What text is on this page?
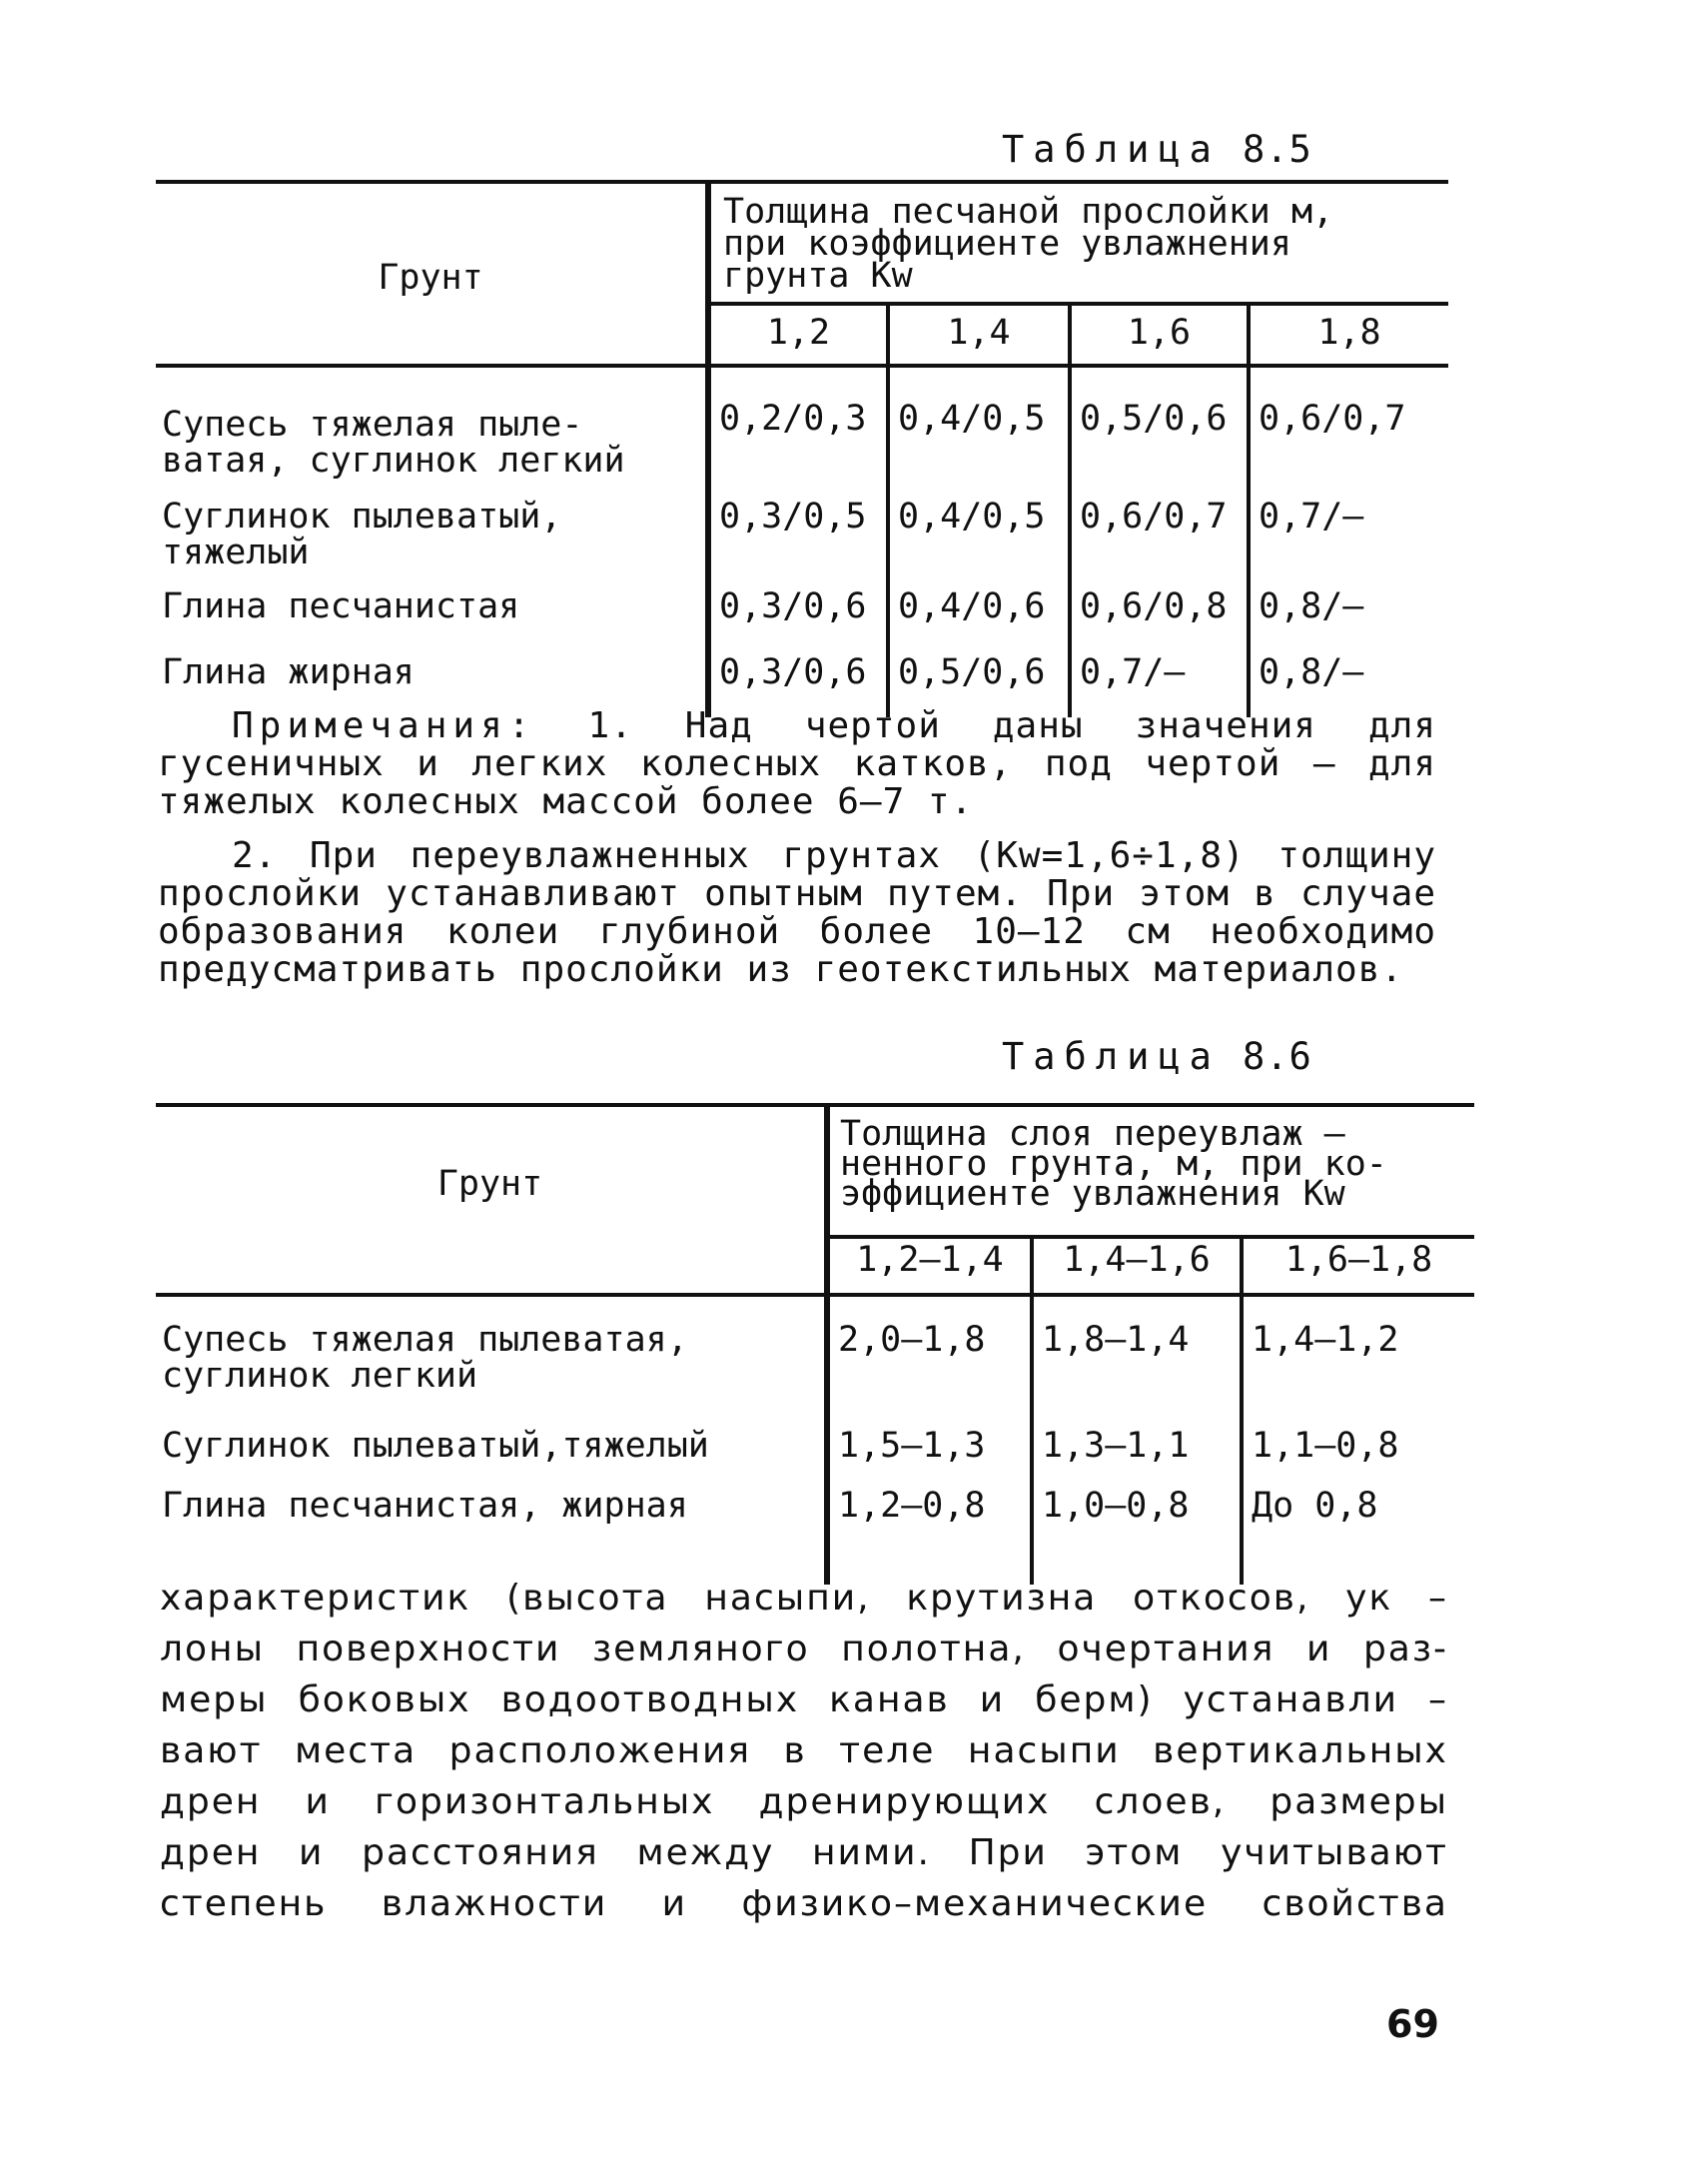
Таблица 8.5
Грунт	Толщина песчаной прослойки м,
при коэффициенте увлажнения
грунта Kw			

	1,2	1,4	1,6	1,8

Супесь тяжелая пыле-
ватая, суглинок легкий	0,2/0,3	0,4/0,5	0,5/0,6	0,6/0,7

Суглинок пылеватый,
тяжелый	0,3/0,5	0,4/0,5	0,6/0,7	0,7/–
Глина песчанистая	0,3/0,6	0,4/0,6	0,6/0,8	0,8/–
Глина жирная	0,3/0,6	0,5/0,6	0,7/–	0,8/–
Примечания: 1. Над чертой даны значения для гусеничных и легких колесных катков, под чертой – для тяжелых колесных массой более 6–7 т.
2. При переувлажненных грунтах (Kw=1,6÷1,8) толщину прослойки устанавливают опытным путем. При этом в случае образования колеи глубиной более 10–12 см необходимо предусматривать прослойки из геотекстильных материалов.
Таблица 8.6
Грунт	Толщина слоя переувлаж –
ненного грунта, м, при ко-
эффициенте увлажнения Kw		

	1,2–1,4	1,4–1,6	1,6–1,8

Супесь тяжелая пылеватая,
суглинок легкий	2,0–1,8	1,8–1,4	1,4–1,2
Суглинок пылеватый,тяжелый	1,5–1,3	1,3–1,1	1,1–0,8
Глина песчанистая, жирная	1,2–0,8	1,0–0,8	До 0,8

характеристик (высота насыпи, крутизна откосов, ук –

лоны поверхности земляного полотна, очертания и раз-

меры боковых водоотводных канав и берм) устанавли –

вают места расположения в теле насыпи вертикальных

дрен и горизонтальных дренирующих слоев, размеры

дрен и расстояния между ними. При этом учитывают

степень влажности и физико–механические свойства

69
